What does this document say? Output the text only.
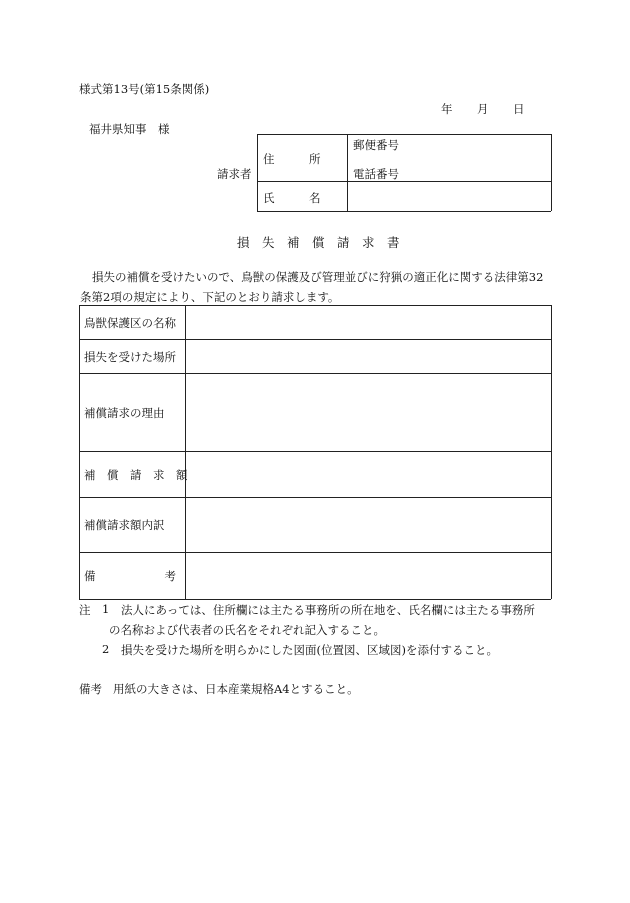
様式第13号(第15条関係)
年 月 日
福井県知事　様
請求者
住　　　所
郵便番号
電話番号
氏　　　名
損　失　補　償　請　求　書
損失の補償を受けたいので、鳥獣の保護及び管理並びに狩猟の適正化に関する法律第32
条第2項の規定により、下記のとおり請求します。
鳥獣保護区の名称
損失を受けた場所
補償請求の理由
補　償　請　求　額
補償請求額内訳
備　　　　　　考
注 1 法人にあっては、住所欄には主たる事務所の所在地を、氏名欄には主たる事務所
の名称および代表者の氏名をそれぞれ記入すること。
2 損失を受けた場所を明らかにした図面(位置図、区域図)を添付すること。
備考 用紙の大きさは、日本産業規格A4とすること。
